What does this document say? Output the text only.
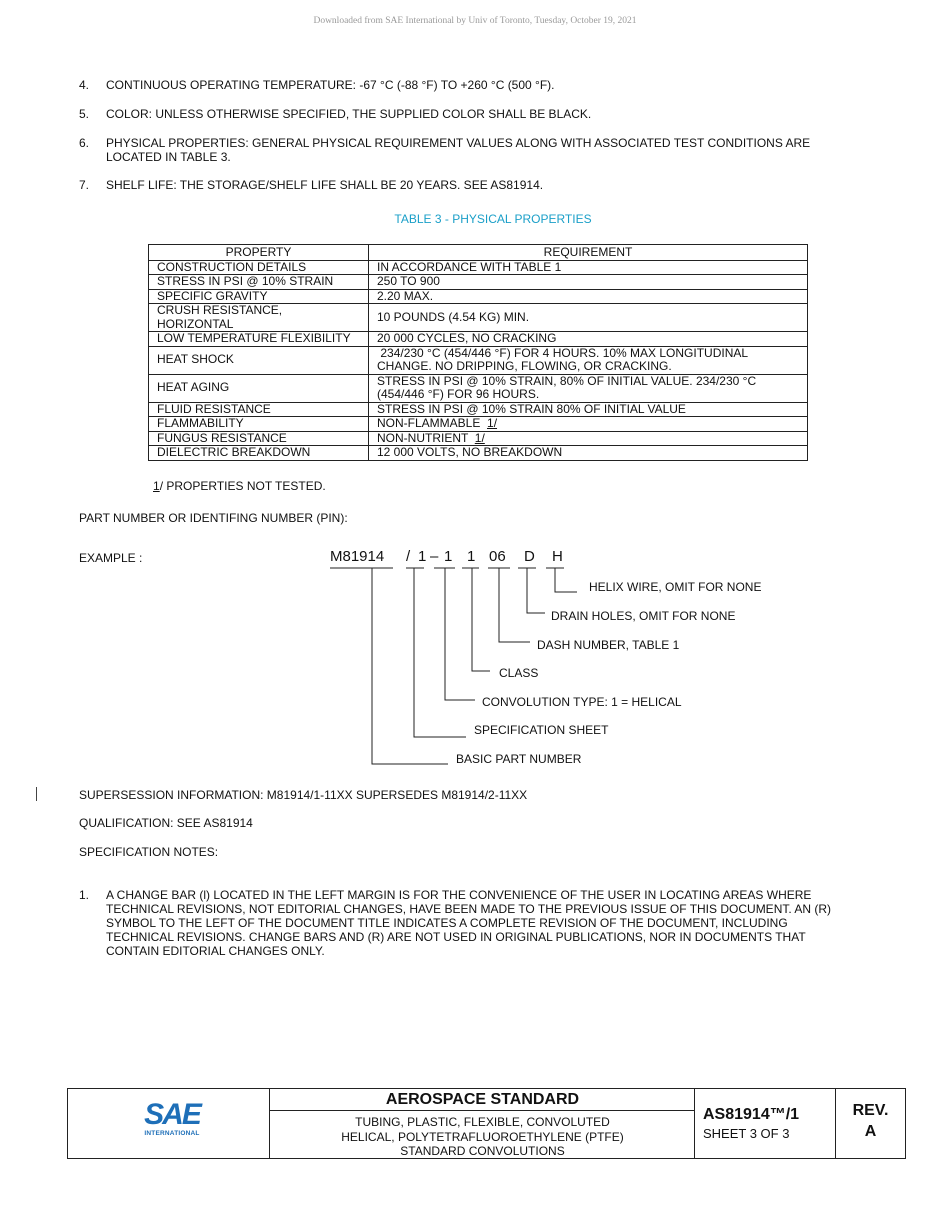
Downloaded from SAE International by Univ of Toronto, Tuesday, October 19, 2021
4. CONTINUOUS OPERATING TEMPERATURE: -67 °C (-88 °F) TO +260 °C (500 °F).
5. COLOR: UNLESS OTHERWISE SPECIFIED, THE SUPPLIED COLOR SHALL BE BLACK.
6. PHYSICAL PROPERTIES: GENERAL PHYSICAL REQUIREMENT VALUES ALONG WITH ASSOCIATED TEST CONDITIONS ARE LOCATED IN TABLE 3.
7. SHELF LIFE: THE STORAGE/SHELF LIFE SHALL BE 20 YEARS. SEE AS81914.
TABLE 3 - PHYSICAL PROPERTIES
PROPERTY	REQUIREMENT
CONSTRUCTION DETAILS	IN ACCORDANCE WITH TABLE 1
STRESS IN PSI @ 10% STRAIN	250 TO 900
SPECIFIC GRAVITY	2.20 MAX.
CRUSH RESISTANCE, HORIZONTAL	10 POUNDS (4.54 KG) MIN.
LOW TEMPERATURE FLEXIBILITY	20 000 CYCLES, NO CRACKING
HEAT SHOCK	234/230 °C (454/446 °F) FOR 4 HOURS. 10% MAX LONGITUDINAL CHANGE. NO DRIPPING, FLOWING, OR CRACKING.
HEAT AGING	STRESS IN PSI @ 10% STRAIN, 80% OF INITIAL VALUE. 234/230 °C (454/446 °F) FOR 96 HOURS.
FLUID RESISTANCE	STRESS IN PSI @ 10% STRAIN 80% OF INITIAL VALUE
FLAMMABILITY	NON-FLAMMABLE  1/
FUNGUS RESISTANCE	NON-NUTRIENT  1/
DIELECTRIC BREAKDOWN	12 000 VOLTS, NO BREAKDOWN
1/ PROPERTIES NOT TESTED.
PART NUMBER OR IDENTIFING NUMBER (PIN):
EXAMPLE :	M81914 / 1 – 1 1 06 D H
HELIX WIRE, OMIT FOR NONE
DRAIN HOLES, OMIT FOR NONE
DASH NUMBER, TABLE 1
CLASS
CONVOLUTION TYPE: 1 = HELICAL
SPECIFICATION SHEET
BASIC PART NUMBER
SUPERSESSION INFORMATION: M81914/1-11XX SUPERSEDES M81914/2-11XX
QUALIFICATION: SEE AS81914
SPECIFICATION NOTES:
1. A CHANGE BAR (l) LOCATED IN THE LEFT MARGIN IS FOR THE CONVENIENCE OF THE USER IN LOCATING AREAS WHERE TECHNICAL REVISIONS, NOT EDITORIAL CHANGES, HAVE BEEN MADE TO THE PREVIOUS ISSUE OF THIS DOCUMENT. AN (R) SYMBOL TO THE LEFT OF THE DOCUMENT TITLE INDICATES A COMPLETE REVISION OF THE DOCUMENT, INCLUDING TECHNICAL REVISIONS. CHANGE BARS AND (R) ARE NOT USED IN ORIGINAL PUBLICATIONS, NOR IN DOCUMENTS THAT CONTAIN EDITORIAL CHANGES ONLY.
SAE
INTERNATIONAL
AEROSPACE STANDARD
TUBING, PLASTIC, FLEXIBLE, CONVOLUTED
HELICAL, POLYTETRAFLUOROETHYLENE (PTFE)
STANDARD CONVOLUTIONS
AS81914™/1
SHEET 3 OF 3
REV.
A
